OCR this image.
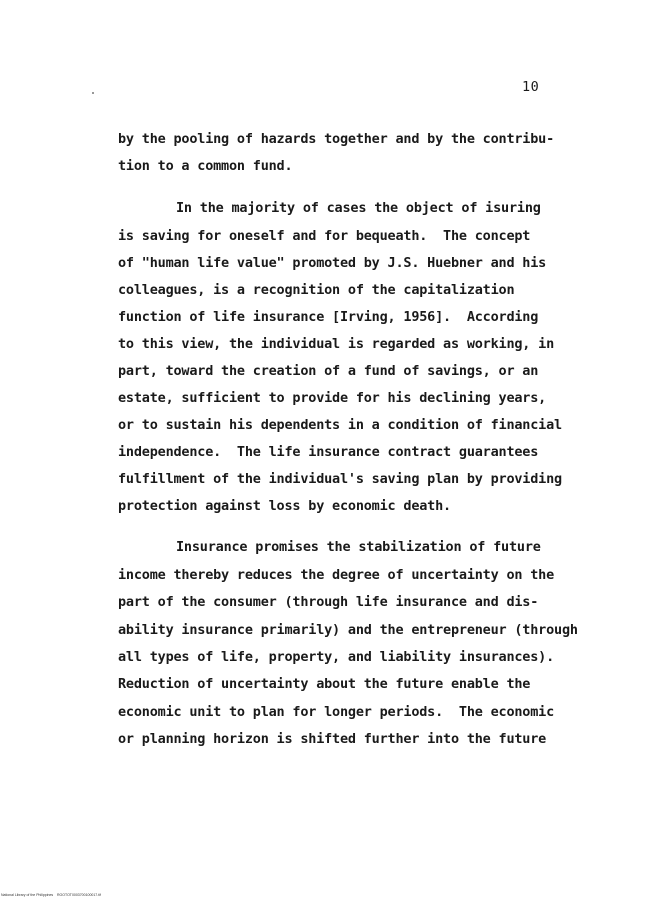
10
by the pooling of hazards together and by the contribu-
tion to a common fund.
In the majority of cases the object of isuring
is saving for oneself and for bequeath.  The concept
of "human life value" promoted by J.S. Huebner and his
colleagues, is a recognition of the capitalization
function of life insurance [Irving, 1956].  According
to this view, the individual is regarded as working, in
part, toward the creation of a fund of savings, or an
estate, sufficient to provide for his declining years,
or to sustain his dependents in a condition of financial
independence.  The life insurance contract guarantees
fulfillment of the individual's saving plan by providing
protection against loss by economic death.
Insurance promises the stabilization of future
income thereby reduces the degree of uncertainty on the
part of the consumer (through life insurance and dis-
ability insurance primarily) and the entrepreneur (through
all types of life, property, and liability insurances).
Reduction of uncertainty about the future enable the
economic unit to plan for longer periods.  The economic
or planning horizon is shifted further into the future
National Library of the Philippines    ROOTOT0003700100017.tif
